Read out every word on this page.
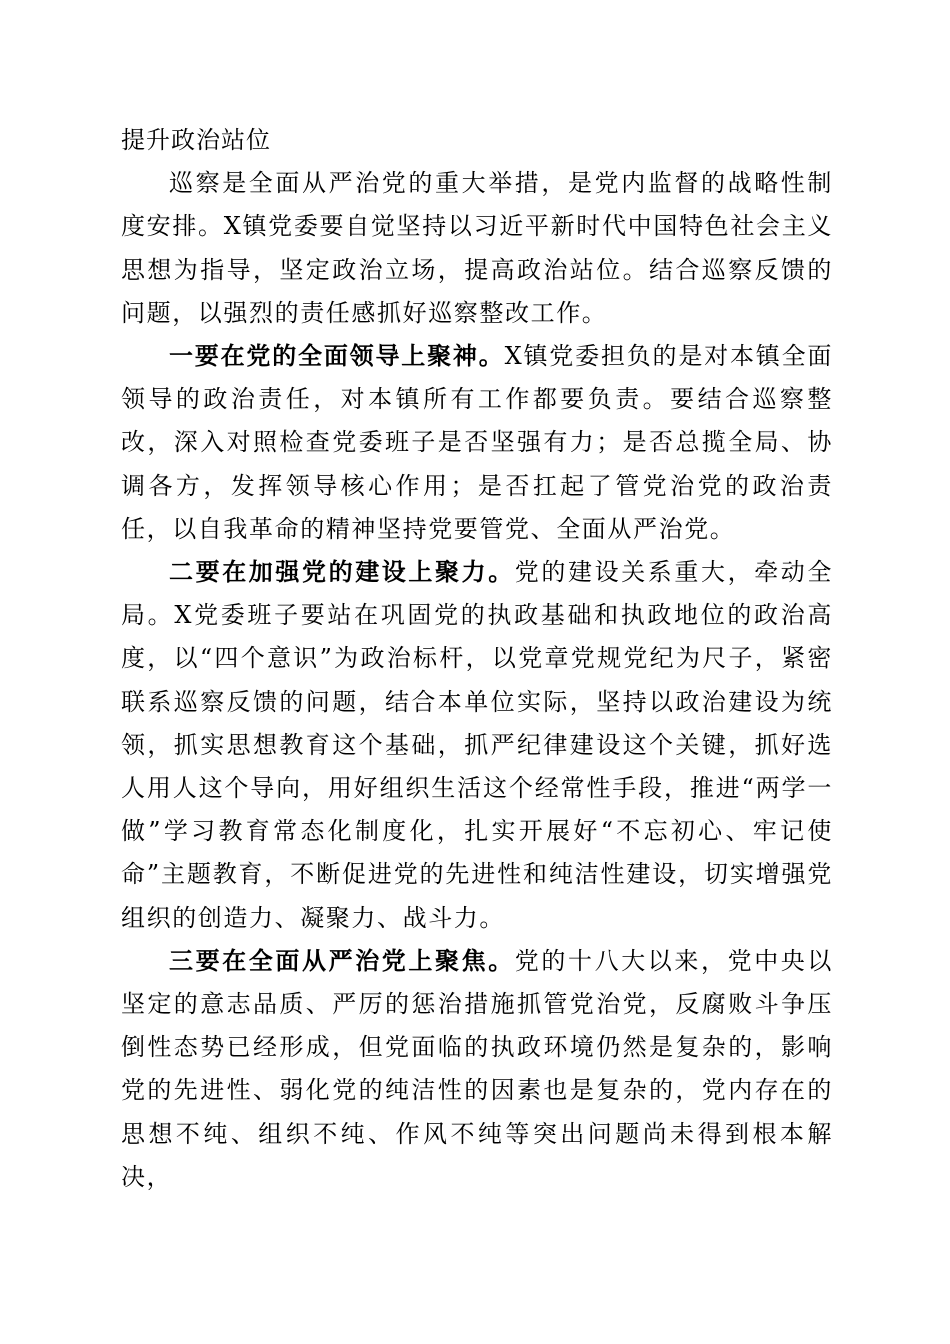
提升政治站位

巡察是全面从严治党的重大举措，是党内监督的战略性制度安排。X镇党委要自觉坚持以习近平新时代中国特色社会主义思想为指导，坚定政治立场，提高政治站位。结合巡察反馈的问题，以强烈的责任感抓好巡察整改工作。

一要在党的全面领导上聚神。X镇党委担负的是对本镇全面领导的政治责任，对本镇所有工作都要负责。要结合巡察整改，深入对照检查党委班子是否坚强有力；是否总揽全局、协调各方，发挥领导核心作用；是否扛起了管党治党的政治责任，以自我革命的精神坚持党要管党、全面从严治党。

二要在加强党的建设上聚力。党的建设关系重大，牵动全局。X党委班子要站在巩固党的执政基础和执政地位的政治高度，以“四个意识”为政治标杆，以党章党规党纪为尺子，紧密联系巡察反馈的问题，结合本单位实际，坚持以政治建设为统领，抓实思想教育这个基础，抓严纪律建设这个关键，抓好选人用人这个导向，用好组织生活这个经常性手段，推进“两学一做”学习教育常态化制度化，扎实开展好“不忘初心、牢记使命”主题教育，不断促进党的先进性和纯洁性建设，切实增强党组织的创造力、凝聚力、战斗力。

三要在全面从严治党上聚焦。党的十八大以来，党中央以坚定的意志品质、严厉的惩治措施抓管党治党，反腐败斗争压倒性态势已经形成，但党面临的执政环境仍然是复杂的，影响党的先进性、弱化党的纯洁性的因素也是复杂的，党内存在的思想不纯、组织不纯、作风不纯等突出问题尚未得到根本解决，
